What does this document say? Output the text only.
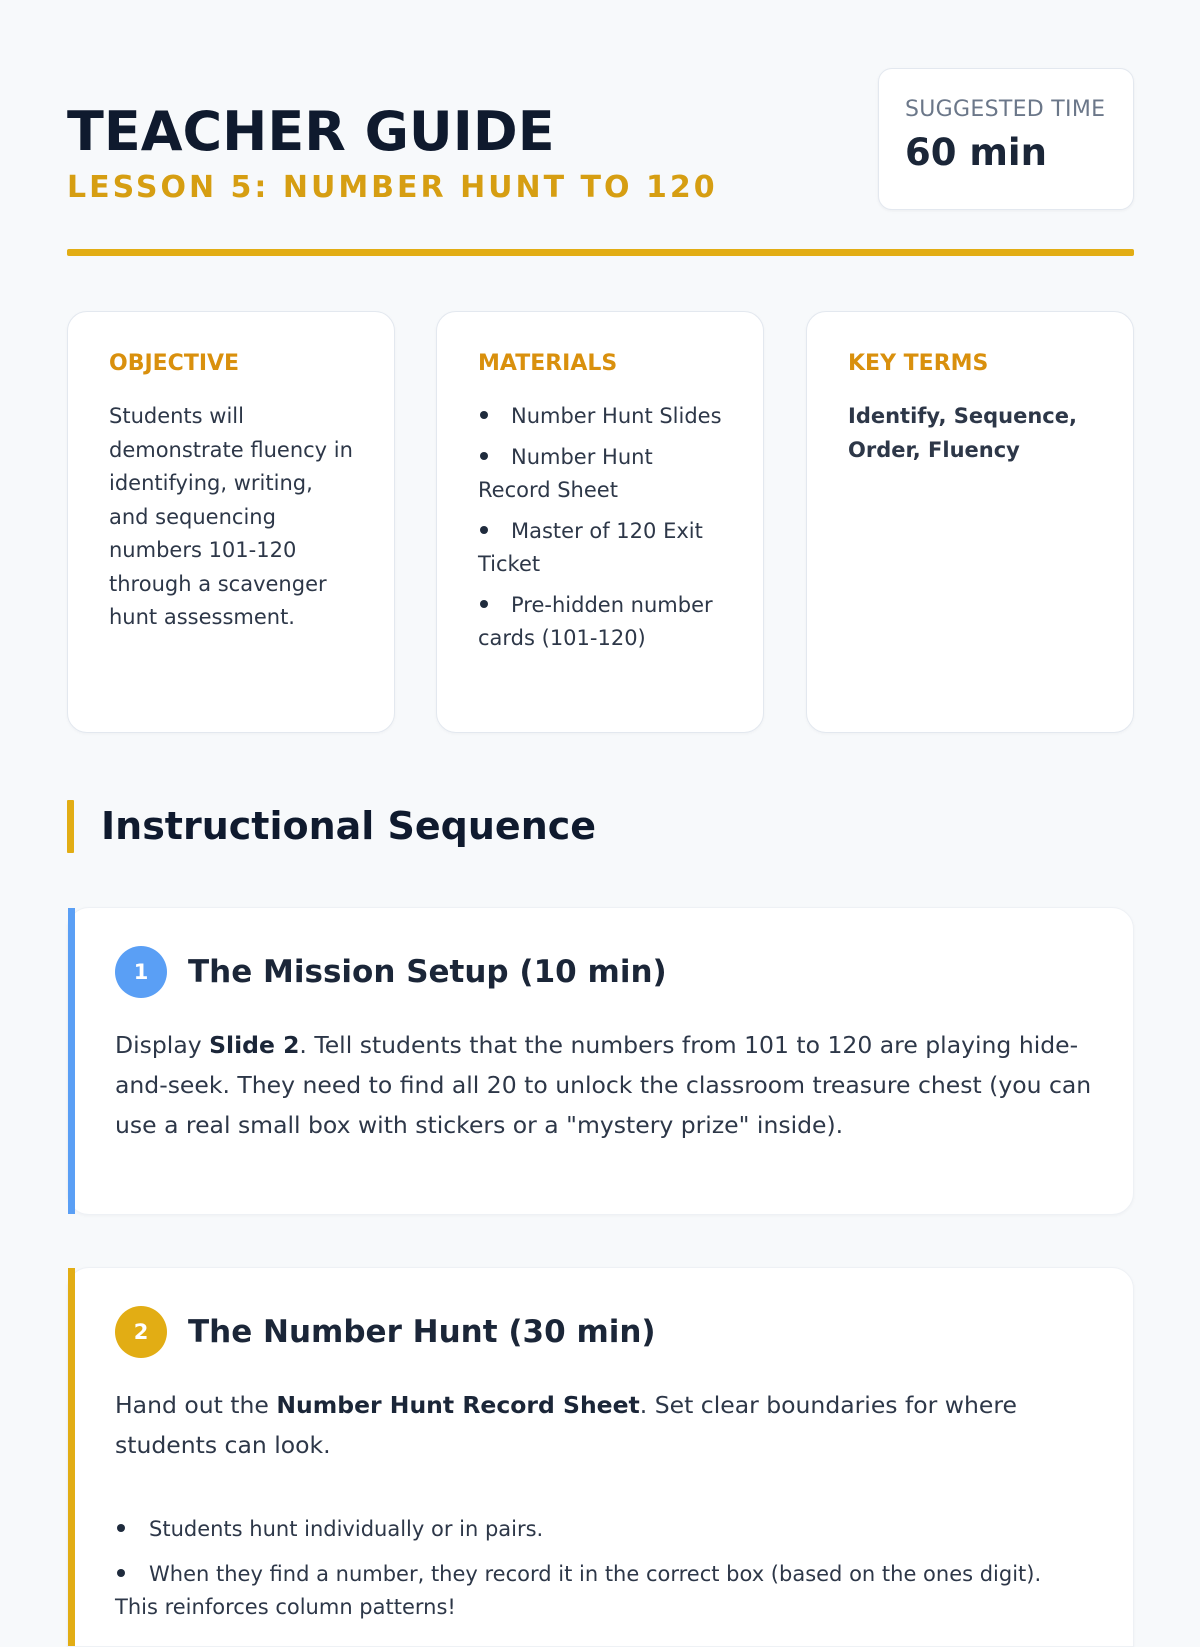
TEACHER GUIDE
LESSON 5: NUMBER HUNT TO 120
SUGGESTED TIME
60 min
OBJECTIVE

Students will demonstrate fluency in identifying, writing, and sequencing numbers 101-120 through a scavenger hunt assessment.

MATERIALS
Number Hunt Slides
Number Hunt Record Sheet
Master of 120 Exit Ticket
Pre-hidden number cards (101-120)
KEY TERMS

Identify, Sequence, Order, Fluency

Instructional Sequence
1	The Mission Setup (10 min)

Display Slide 2. Tell students that the numbers from 101 to 120 are playing hide-and-seek. They need to find all 20 to unlock the classroom treasure chest (you can use a real small box with stickers or a "mystery prize" inside).

2	The Number Hunt (30 min)

Hand out the Number Hunt Record Sheet. Set clear boundaries for where students can look.

Students hunt individually or in pairs.
When they find a number, they record it in the correct box (based on the ones digit). This reinforces column patterns!
